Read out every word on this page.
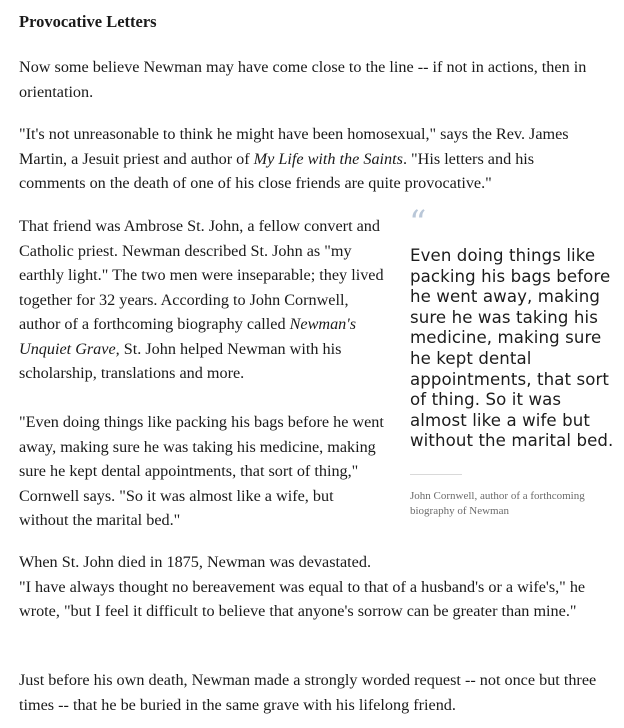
Provocative Letters

Now some believe Newman may have come close to the line -- if not in actions, then in orientation.

"It's not unreasonable to think he might have been homosexual," says the Rev. James Martin, a Jesuit priest and author of My Life with the Saints. "His letters and his comments on the death of one of his close friends are quite provocative."

That friend was Ambrose St. John, a fellow convert and Catholic priest. Newman described St. John as "my earthly light." The two men were inseparable; they lived together for 32 years. According to John Cornwell, author of a forthcoming biography called Newman's Unquiet Grave, St. John helped Newman with his scholarship, translations and more.

"Even doing things like packing his bags before he went away, making sure he was taking his medicine, making sure he kept dental appointments, that sort of thing," Cornwell says. "So it was almost like a wife, but without the marital bed."

“

Even doing things like packing his bags before he went away, making sure he was taking his medicine, making sure he kept dental appointments, that sort of thing. So it was almost like a wife but without the marital bed.

John Cornwell, author of a forthcoming biography of Newman

When St. John died in 1875, Newman was devastated.
"I have always thought no bereavement was equal to that of a husband's or a wife's," he wrote, "but I feel it difficult to believe that anyone's sorrow can be greater than mine."

Just before his own death, Newman made a strongly worded request -- not once but three times -- that he be buried in the same grave with his lifelong friend.
